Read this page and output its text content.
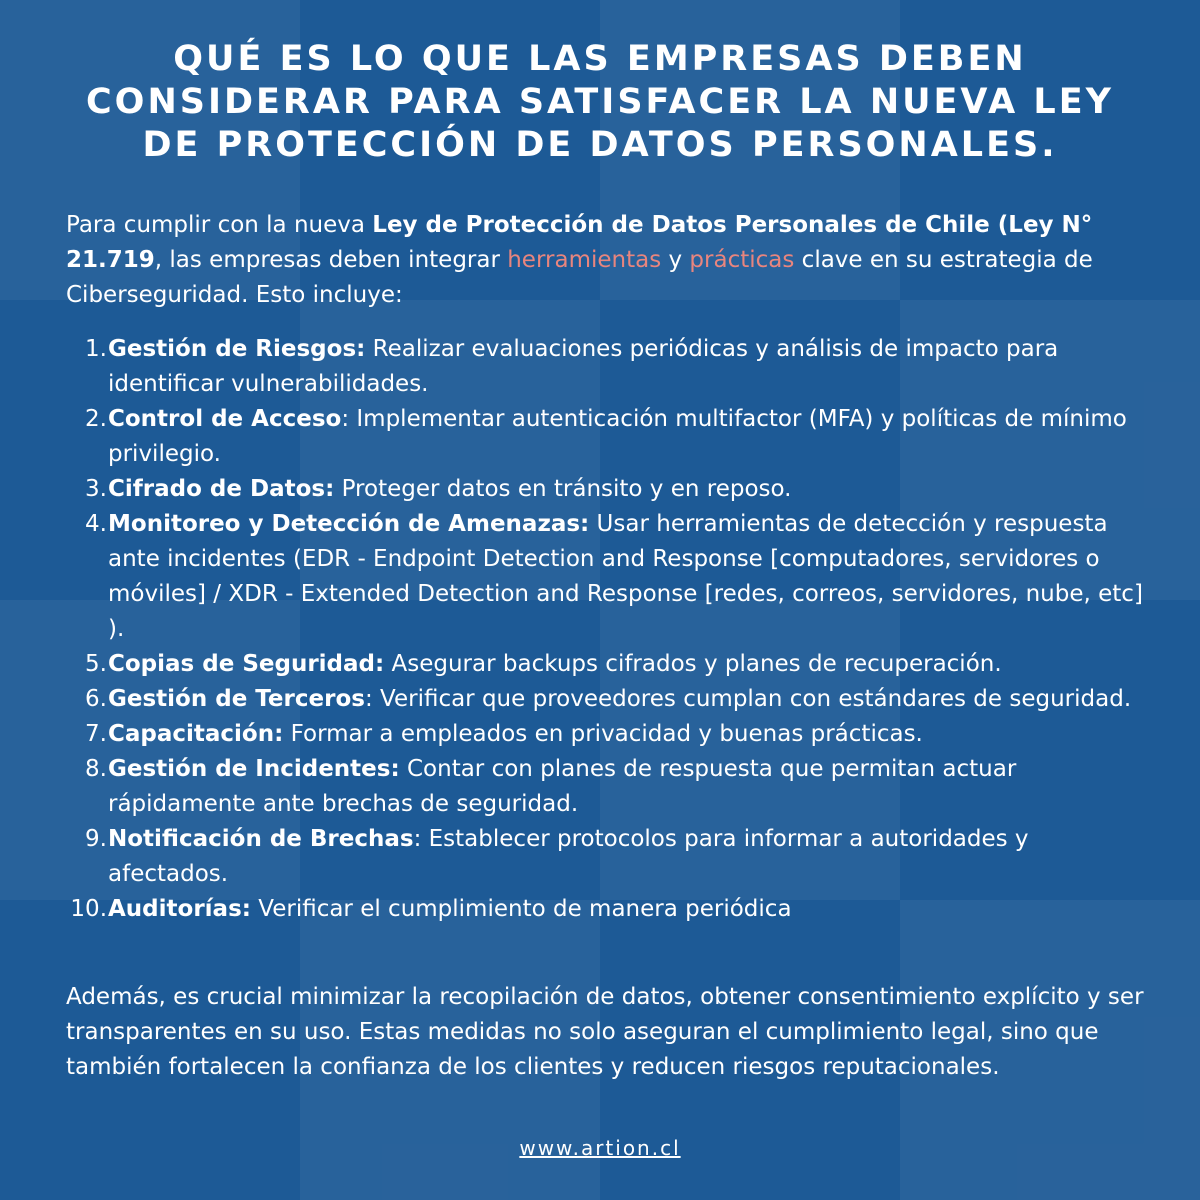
QUÉ ES LO QUE LAS EMPRESAS DEBEN CONSIDERAR PARA SATISFACER LA NUEVA LEY DE PROTECCIÓN DE DATOS PERSONALES.

Para cumplir con la nueva Ley de Protección de Datos Personales de Chile (Ley N° 21.719, las empresas deben integrar herramientas y prácticas clave en su estrategia de Ciberseguridad. Esto incluye:

1. Gestión de Riesgos: Realizar evaluaciones periódicas y análisis de impacto para identificar vulnerabilidades.
2. Control de Acceso: Implementar autenticación multifactor (MFA) y políticas de mínimo privilegio.
3. Cifrado de Datos: Proteger datos en tránsito y en reposo.
4. Monitoreo y Detección de Amenazas: Usar herramientas de detección y respuesta ante incidentes (EDR - Endpoint Detection and Response [computadores, servidores o móviles] / XDR - Extended Detection and Response [redes, correos, servidores, nube, etc] ).
5. Copias de Seguridad: Asegurar backups cifrados y planes de recuperación.
6. Gestión de Terceros: Verificar que proveedores cumplan con estándares de seguridad.
7. Capacitación: Formar a empleados en privacidad y buenas prácticas.
8. Gestión de Incidentes: Contar con planes de respuesta que permitan actuar rápidamente ante brechas de seguridad.
9. Notificación de Brechas: Establecer protocolos para informar a autoridades y afectados.
10. Auditorías: Verificar el cumplimiento de manera periódica

Además, es crucial minimizar la recopilación de datos, obtener consentimiento explícito y ser transparentes en su uso. Estas medidas no solo aseguran el cumplimiento legal, sino que también fortalecen la confianza de los clientes y reducen riesgos reputacionales.

www.artion.cl
